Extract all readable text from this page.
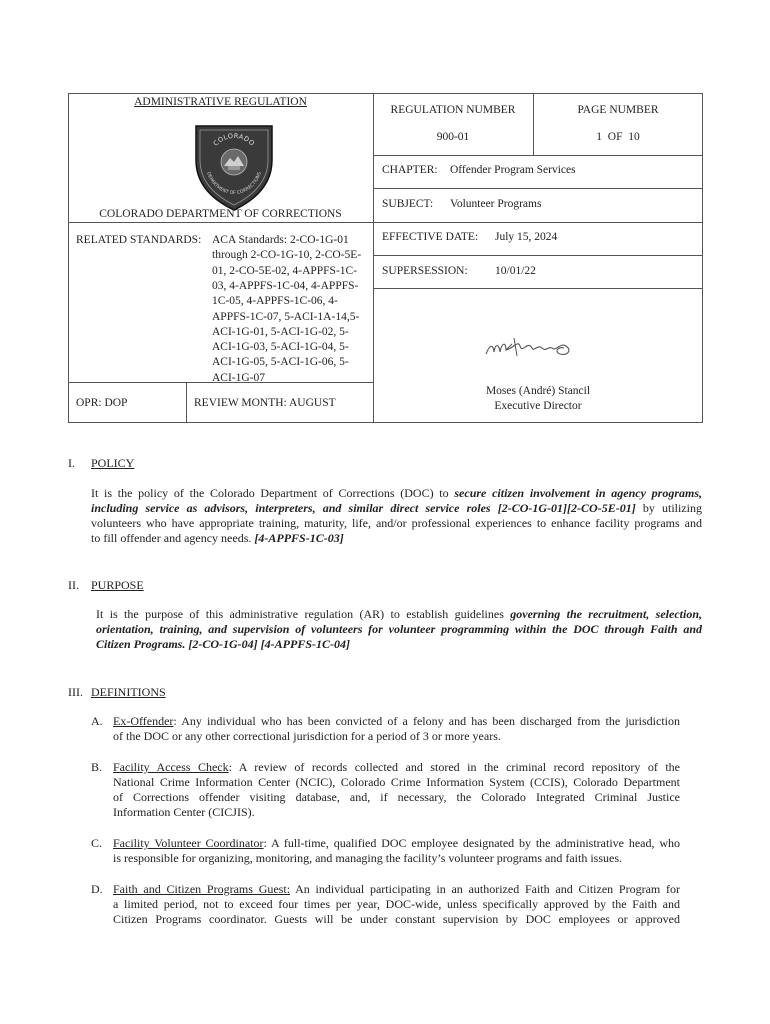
ADMINISTRATIVE REGULATION
COLORADO
DEPARTMENT OF CORRECTIONS
COLORADO DEPARTMENT OF CORRECTIONS
RELATED STANDARDS: ACA Standards: 2-CO-1G-01
through 2-CO-1G-10, 2-CO-5E-
01, 2-CO-5E-02, 4-APPFS-1C-
03, 4-APPFS-1C-04, 4-APPFS-
1C-05, 4-APPFS-1C-06, 4-
APPFS-1C-07, 5-ACI-1A-14,5-
ACI-1G-01, 5-ACI-1G-02, 5-
ACI-1G-03, 5-ACI-1G-04, 5-
ACI-1G-05, 5-ACI-1G-06, 5-
ACI-1G-07
OPR: DOP	REVIEW MONTH: AUGUST
REGULATION NUMBER
900-01
PAGE NUMBER
1  OF  10
CHAPTER: Offender Program Services
SUBJECT: Volunteer Programs
EFFECTIVE DATE: July 15, 2024
SUPERSESSION: 10/01/22
Moses (André) Stancil
Executive Director
I. POLICY
It is the policy of the Colorado Department of Corrections (DOC) to secure citizen involvement in agency programs,
including service as advisors, interpreters, and similar direct service roles [2-CO-1G-01][2-CO-5E-01] by utilizing
volunteers who have appropriate training, maturity, life, and/or professional experiences to enhance facility programs and
to fill offender and agency needs. [4-APPFS-1C-03]
II. PURPOSE
It is the purpose of this administrative regulation (AR) to establish guidelines governing the recruitment, selection,
orientation, training, and supervision of volunteers for volunteer programming within the DOC through Faith and
Citizen Programs. [2-CO-1G-04] [4-APPFS-1C-04]
III. DEFINITIONS
A. Ex-Offender: Any individual who has been convicted of a felony and has been discharged from the jurisdiction
of the DOC or any other correctional jurisdiction for a period of 3 or more years.
B. Facility Access Check: A review of records collected and stored in the criminal record repository of the
National Crime Information Center (NCIC), Colorado Crime Information System (CCIS), Colorado Department
of Corrections offender visiting database, and, if necessary, the Colorado Integrated Criminal Justice
Information Center (CICJIS).
C. Facility Volunteer Coordinator: A full-time, qualified DOC employee designated by the administrative head, who
is responsible for organizing, monitoring, and managing the facility’s volunteer programs and faith issues.
D. Faith and Citizen Programs Guest: An individual participating in an authorized Faith and Citizen Program for
a limited period, not to exceed four times per year, DOC-wide, unless specifically approved by the Faith and
Citizen Programs coordinator. Guests will be under constant supervision by DOC employees or approved
